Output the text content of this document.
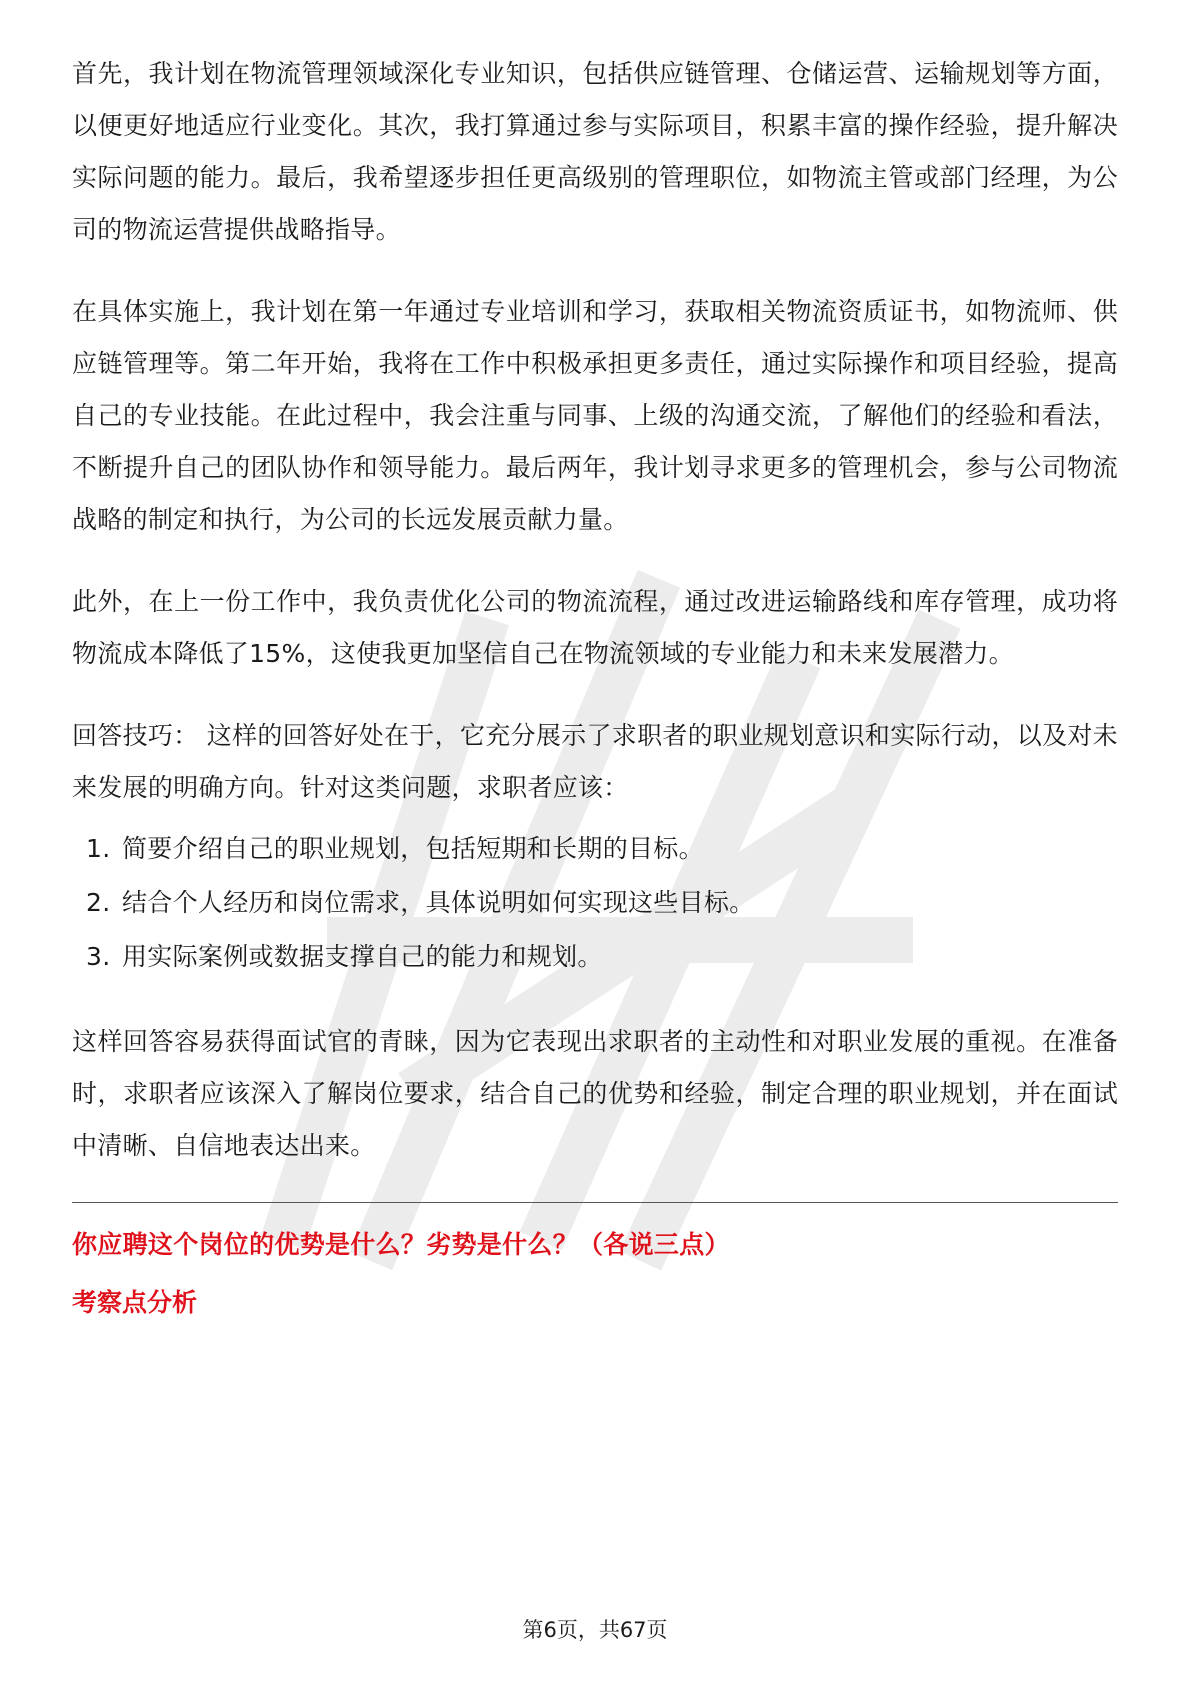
首先，我计划在物流管理领域深化专业知识，包括供应链管理、仓储运营、运输规划等方面，以便更好地适应行业变化。其次，我打算通过参与实际项目，积累丰富的操作经验，提升解决实际问题的能力。最后，我希望逐步担任更高级别的管理职位，如物流主管或部门经理，为公司的物流运营提供战略指导。

在具体实施上，我计划在第一年通过专业培训和学习，获取相关物流资质证书，如物流师、供应链管理等。第二年开始，我将在工作中积极承担更多责任，通过实际操作和项目经验，提高自己的专业技能。在此过程中，我会注重与同事、上级的沟通交流，了解他们的经验和看法，不断提升自己的团队协作和领导能力。最后两年，我计划寻求更多的管理机会，参与公司物流战略的制定和执行，为公司的长远发展贡献力量。

此外，在上一份工作中，我负责优化公司的物流流程，通过改进运输路线和库存管理，成功将物流成本降低了15%，这使我更加坚信自己在物流领域的专业能力和未来发展潜力。

回答技巧： 这样的回答好处在于，它充分展示了求职者的职业规划意识和实际行动，以及对未来发展的明确方向。针对这类问题，求职者应该：

1. 简要介绍自己的职业规划，包括短期和长期的目标。
2. 结合个人经历和岗位需求，具体说明如何实现这些目标。
3. 用实际案例或数据支撑自己的能力和规划。

这样回答容易获得面试官的青睐，因为它表现出求职者的主动性和对职业发展的重视。在准备时，求职者应该深入了解岗位要求，结合自己的优势和经验，制定合理的职业规划，并在面试中清晰、自信地表达出来。

你应聘这个岗位的优势是什么？劣势是什么？（各说三点）

考察点分析

第6页，共67页
